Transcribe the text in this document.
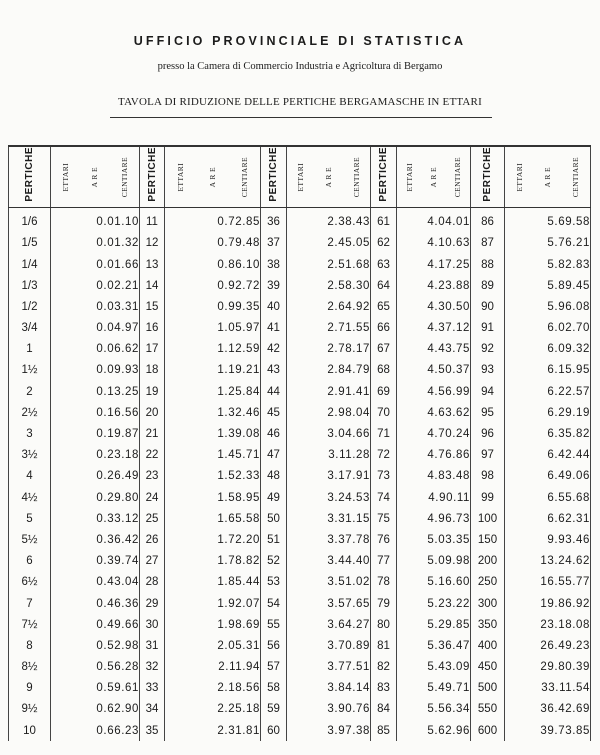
UFFICIO PROVINCIALE DI STATISTICA
presso la Camera di Commercio Industria e Agricoltura di Bergamo
TAVOLA DI RIDUZIONE DELLE PERTICHE BERGAMASCHE IN ETTARI
PERTICHE	ETTARI A R E CENTIARE	PERTICHE	ETTARI A R E CENTIARE	PERTICHE	ETTARI A R E CENTIARE	PERTICHE	ETTARI A R E CENTIARE	PERTICHE	ETTARI A R E CENTIARE

1/6	0.01.10	11	0.72.85	36	2.38.43	61	4.04.01	86	5.69.58
1/5	0.01.32	12	0.79.48	37	2.45.05	62	4.10.63	87	5.76.21
1/4	0.01.66	13	0.86.10	38	2.51.68	63	4.17.25	88	5.82.83
1/3	0.02.21	14	0.92.72	39	2.58.30	64	4.23.88	89	5.89.45
1/2	0.03.31	15	0.99.35	40	2.64.92	65	4.30.50	90	5.96.08
3/4	0.04.97	16	1.05.97	41	2.71.55	66	4.37.12	91	6.02.70
1	0.06.62	17	1.12.59	42	2.78.17	67	4.43.75	92	6.09.32
1½	0.09.93	18	1.19.21	43	2.84.79	68	4.50.37	93	6.15.95
2	0.13.25	19	1.25.84	44	2.91.41	69	4.56.99	94	6.22.57
2½	0.16.56	20	1.32.46	45	2.98.04	70	4.63.62	95	6.29.19
3	0.19.87	21	1.39.08	46	3.04.66	71	4.70.24	96	6.35.82
3½	0.23.18	22	1.45.71	47	3.11.28	72	4.76.86	97	6.42.44
4	0.26.49	23	1.52.33	48	3.17.91	73	4.83.48	98	6.49.06
4½	0.29.80	24	1.58.95	49	3.24.53	74	4.90.11	99	6.55.68
5	0.33.12	25	1.65.58	50	3.31.15	75	4.96.73	100	6.62.31
5½	0.36.42	26	1.72.20	51	3.37.78	76	5.03.35	150	9.93.46
6	0.39.74	27	1.78.82	52	3.44.40	77	5.09.98	200	13.24.62
6½	0.43.04	28	1.85.44	53	3.51.02	78	5.16.60	250	16.55.77
7	0.46.36	29	1.92.07	54	3.57.65	79	5.23.22	300	19.86.92
7½	0.49.66	30	1.98.69	55	3.64.27	80	5.29.85	350	23.18.08
8	0.52.98	31	2.05.31	56	3.70.89	81	5.36.47	400	26.49.23
8½	0.56.28	32	2.11.94	57	3.77.51	82	5.43.09	450	29.80.39
9	0.59.61	33	2.18.56	58	3.84.14	83	5.49.71	500	33.11.54
9½	0.62.90	34	2.25.18	59	3.90.76	84	5.56.34	550	36.42.69
10	0.66.23	35	2.31.81	60	3.97.38	85	5.62.96	600	39.73.85
